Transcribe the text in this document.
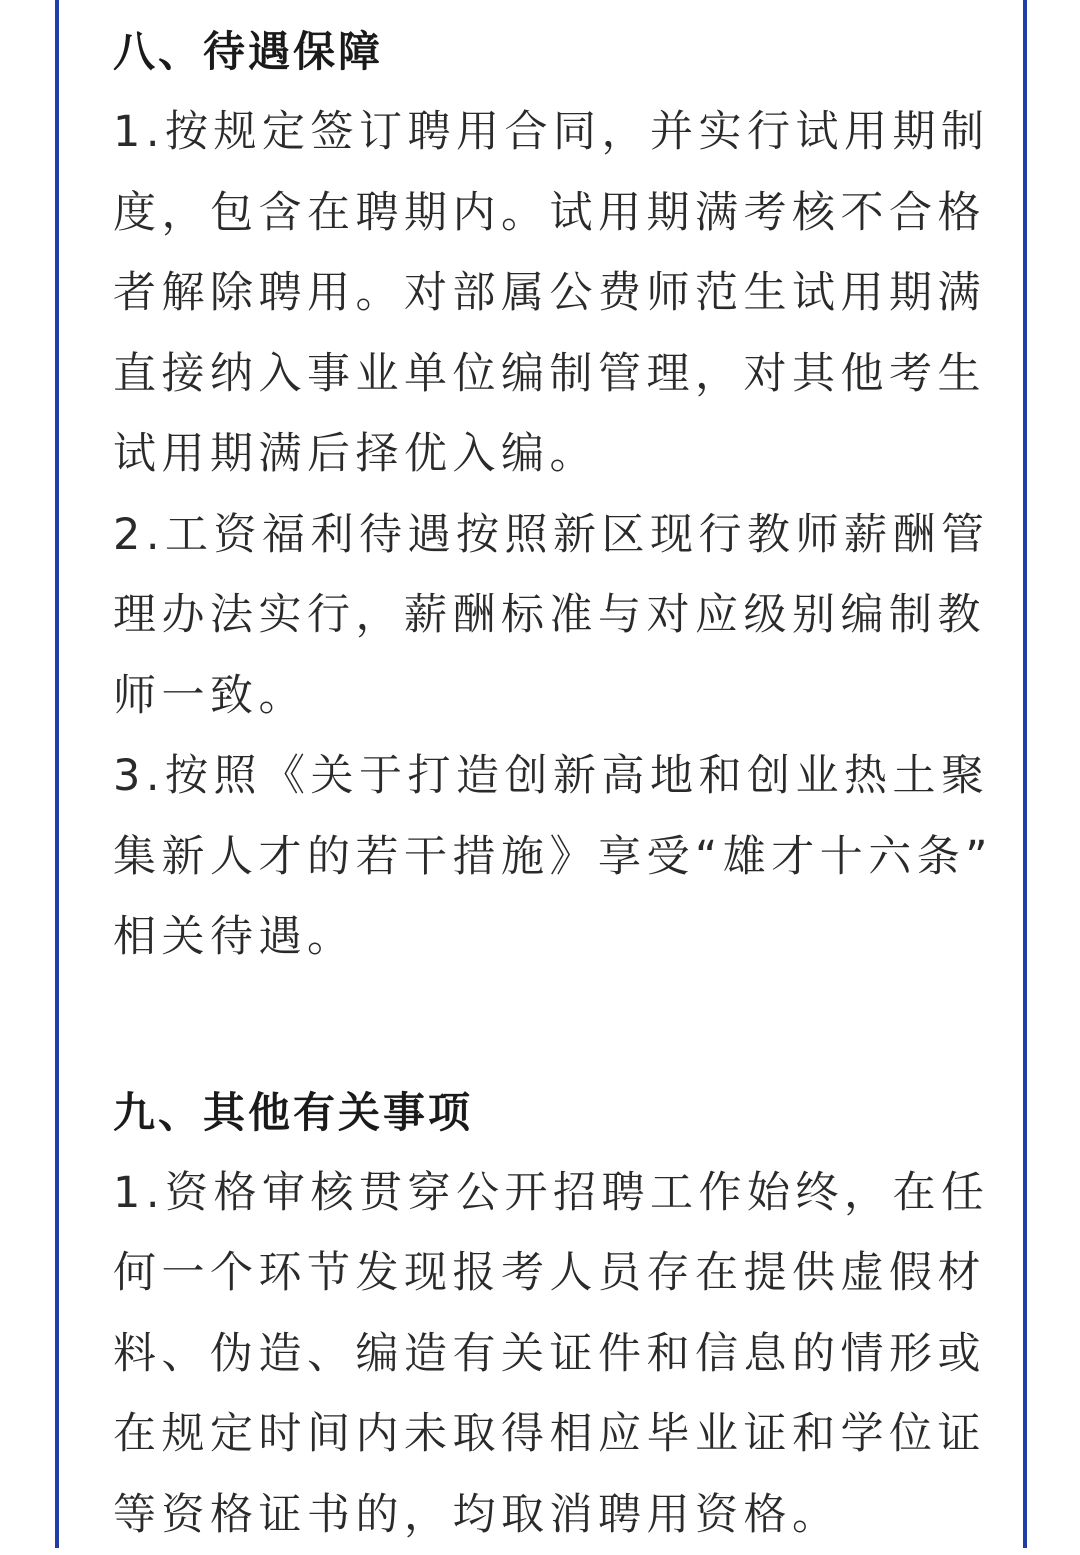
八、待遇保障
1.按规定签订聘用合同，并实行试用期制
度，包含在聘期内。试用期满考核不合格
者解除聘用。对部属公费师范生试用期满
直接纳入事业单位编制管理，对其他考生
试用期满后择优入编。
2.工资福利待遇按照新区现行教师薪酬管
理办法实行，薪酬标准与对应级别编制教
师一致。
3.按照《关于打造创新高地和创业热土聚
集新人才的若干措施》享受“雄才十六条”
相关待遇。
九、其他有关事项
1.资格审核贯穿公开招聘工作始终，在任
何一个环节发现报考人员存在提供虚假材
料、伪造、编造有关证件和信息的情形或
在规定时间内未取得相应毕业证和学位证
等资格证书的，均取消聘用资格。
